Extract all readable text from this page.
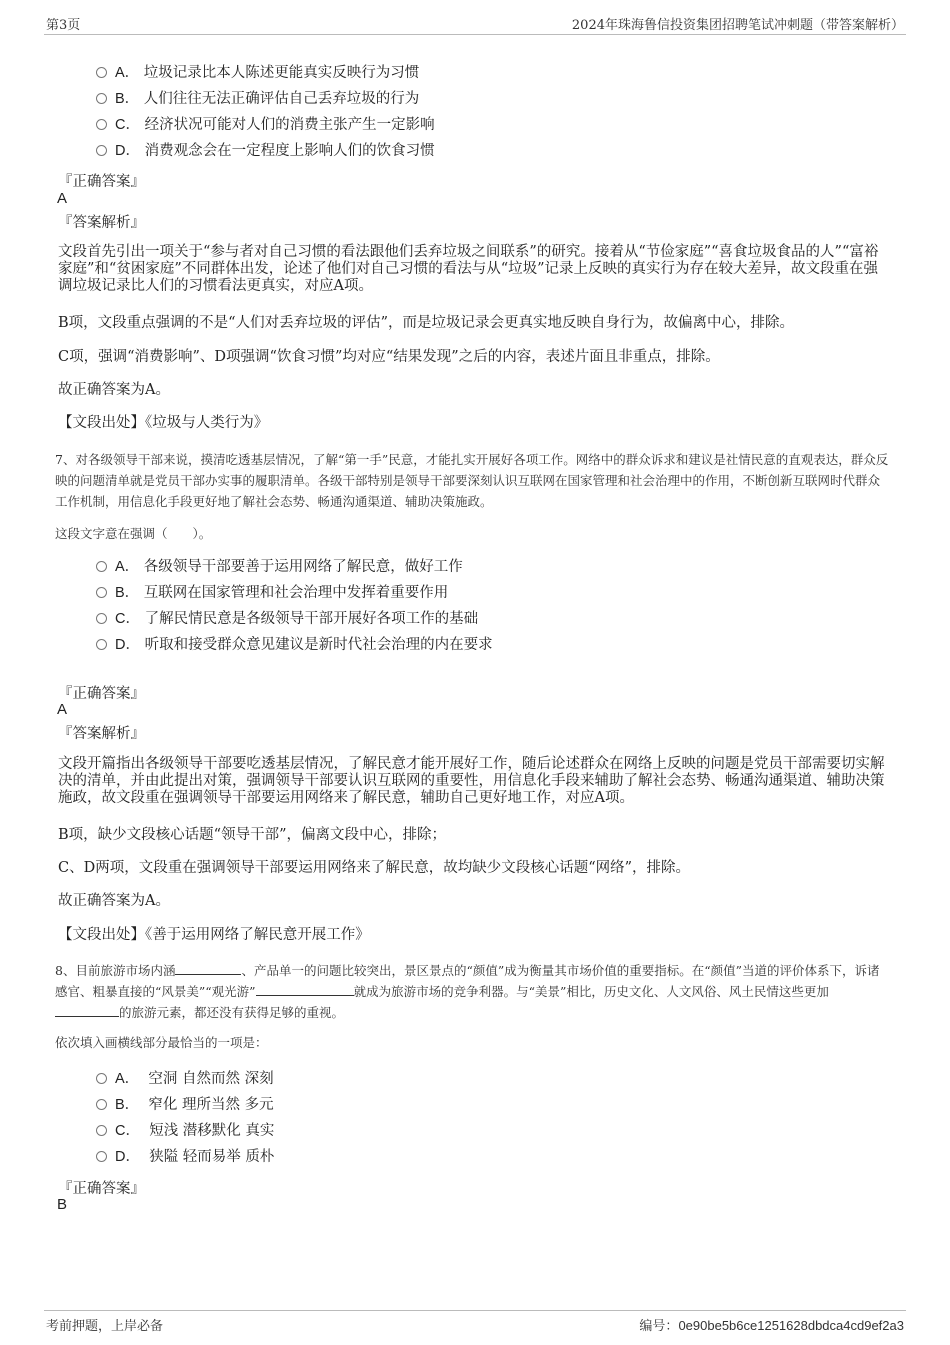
第3页	2024年珠海鲁信投资集团招聘笔试冲刺题（带答案解析）
A． 垃圾记录比本人陈述更能真实反映行为习惯
B． 人们往往无法正确评估自己丢弃垃圾的行为
C． 经济状况可能对人们的消费主张产生一定影响
D． 消费观念会在一定程度上影响人们的饮食习惯
『正确答案』
A
『答案解析』

文段首先引出一项关于“参与者对自己习惯的看法跟他们丢弃垃圾之间联系”的研究。接着从“节俭家庭”“喜食垃圾食品的人”“富裕家庭”和“贫困家庭”不同群体出发，论述了他们对自己习惯的看法与从“垃圾”记录上反映的真实行为存在较大差异，故文段重在强调垃圾记录比人们的习惯看法更真实，对应A项。

B项，文段重点强调的不是“人们对丢弃垃圾的评估”，而是垃圾记录会更真实地反映自身行为，故偏离中心，排除。

C项，强调“消费影响”、D项强调“饮食习惯”均对应“结果发现”之后的内容，表述片面且非重点，排除。

故正确答案为A。

【文段出处】《垃圾与人类行为》

7、对各级领导干部来说，摸清吃透基层情况，了解“第一手”民意，才能扎实开展好各项工作。网络中的群众诉求和建议是社情民意的直观表达，群众反映的问题清单就是党员干部办实事的履职清单。各级干部特别是领导干部要深刻认识互联网在国家管理和社会治理中的作用，不断创新互联网时代群众工作机制，用信息化手段更好地了解社会态势、畅通沟通渠道、辅助决策施政。

这段文字意在强调（　　）。

A． 各级领导干部要善于运用网络了解民意，做好工作
B． 互联网在国家管理和社会治理中发挥着重要作用
C． 了解民情民意是各级领导干部开展好各项工作的基础
D． 听取和接受群众意见建议是新时代社会治理的内在要求
『正确答案』
A
『答案解析』

文段开篇指出各级领导干部要吃透基层情况，了解民意才能开展好工作，随后论述群众在网络上反映的问题是党员干部需要切实解决的清单，并由此提出对策，强调领导干部要认识互联网的重要性，用信息化手段来辅助了解社会态势、畅通沟通渠道、辅助决策施政，故文段重在强调领导干部要运用网络来了解民意，辅助自己更好地工作，对应A项。

B项，缺少文段核心话题“领导干部”，偏离文段中心，排除；

C、D两项，文段重在强调领导干部要运用网络来了解民意，故均缺少文段核心话题“网络”，排除。

故正确答案为A。

【文段出处】《善于运用网络了解民意开展工作》

8、目前旅游市场内涵	、产品单一的问题比较突出，景区景点的“颜值”成为衡量其市场价值的重要指标。在“颜值”当道的评价体系下，诉诸感官、粗暴直接的“风景美”“观光游”	就成为旅游市场的竞争利器。与“美景”相比，历史文化、人文风俗、风土民情这些更加的旅游元素，都还没有获得足够的重视。

依次填入画横线部分最恰当的一项是：

A． 空洞 自然而然 深刻
B． 窄化 理所当然 多元
C． 短浅 潜移默化 真实
D． 狭隘 轻而易举 质朴
『正确答案』
B
考前押题，上岸必备	编号：0e90be5b6ce1251628dbdca4cd9ef2a3
